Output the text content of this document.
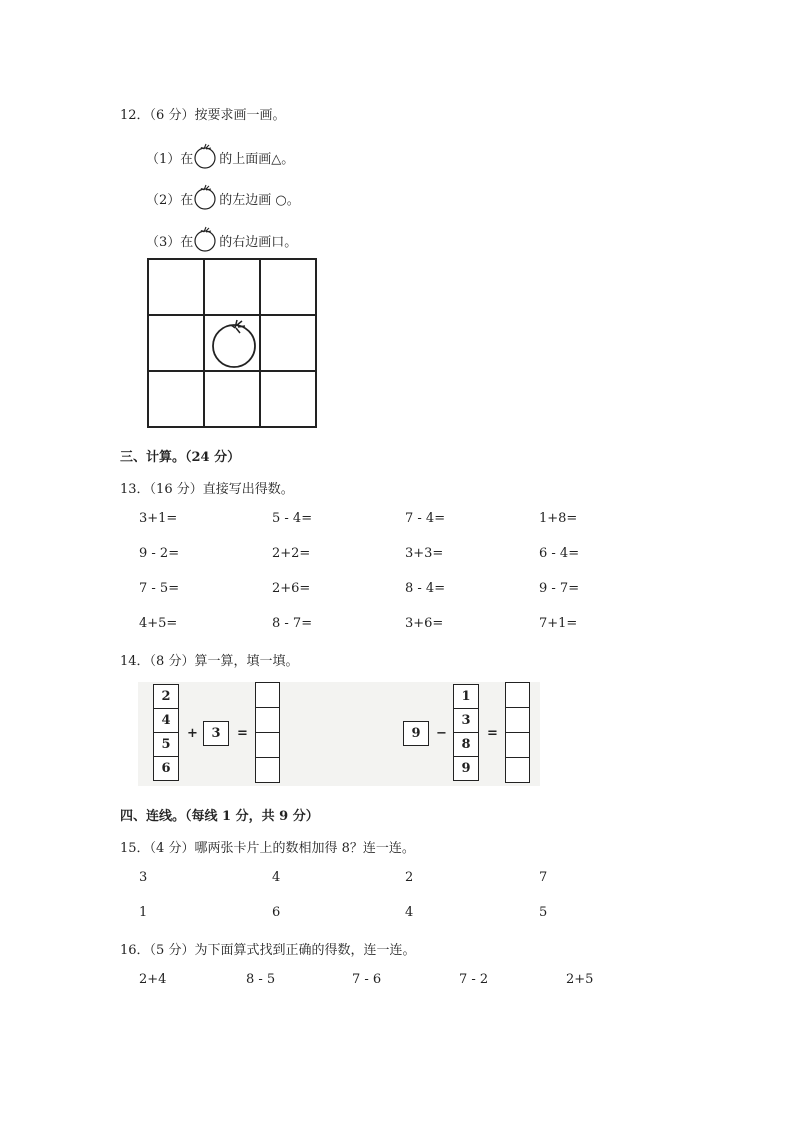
12．（6 分）按要求画一画。
（1）在 的上面画△。
（2）在 的左边画 ○。
（3）在 的右边画口。
三、计算。（24 分）
13．（16 分）直接写出得数。
3+1=	5 - 4=	7 - 4=	1+8=
9 - 2=	2+2=	3+3=	6 - 4=
7 - 5=	2+6=	8 - 4=	9 - 7=
4+5=	8 - 7=	3+6=	7+1=
14．（8 分）算一算，填一填。
2
4
5
6
+	3	=	9	−
1
3
8
9
=
四、连线。（每线 1 分，共 9 分）
15．（4 分）哪两张卡片上的数相加得 8？连一连。
3	4	2	7
1	6	4	5
16．（5 分）为下面算式找到正确的得数，连一连。
2+4	8 - 5	7 - 6	7 - 2	2+5
